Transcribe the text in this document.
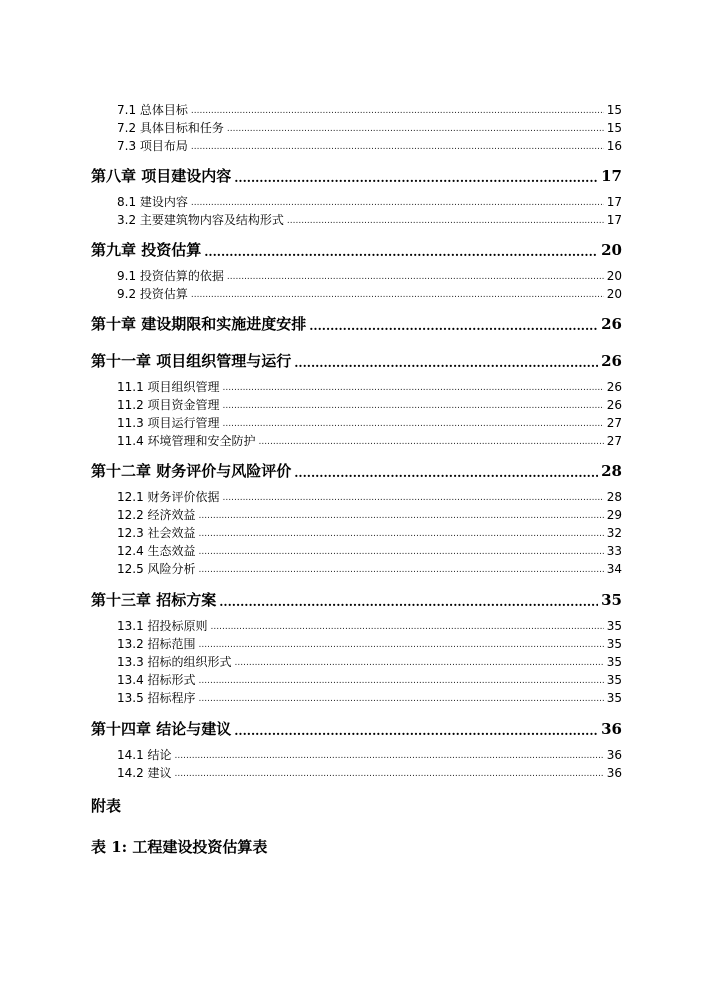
7.1 总体目标 .....	15
7.2 具体目标和任务 .....	15
7.3 项目布局 .....	16
第八章 项目建设内容 .....	17
8.1 建设内容 .....	17
3.2 主要建筑物内容及结构形式 .....	17
第九章 投资估算 .....	20
9.1 投资估算的依据 .....	20
9.2 投资估算 .....	20
第十章 建设期限和实施进度安排 .....	26
第十一章 项目组织管理与运行 .....	26
11.1 项目组织管理 .....	26
11.2 项目资金管理 .....	26
11.3 项目运行管理 .....	27
11.4 环境管理和安全防护 .....	27
第十二章 财务评价与风险评价 .....	28
12.1 财务评价依据 .....	28
12.2 经济效益 .....	29
12.3 社会效益 .....	32
12.4 生态效益 .....	33
12.5 风险分析 .....	34
第十三章 招标方案 .....	35
13.1 招投标原则 .....	35
13.2 招标范围 .....	35
13.3 招标的组织形式 .....	35
13.4 招标形式 .....	35
13.5 招标程序 .....	35
第十四章 结论与建议 .....	36
14.1 结论 .....	36
14.2 建议 .....	36
附表
表 1: 工程建设投资估算表
